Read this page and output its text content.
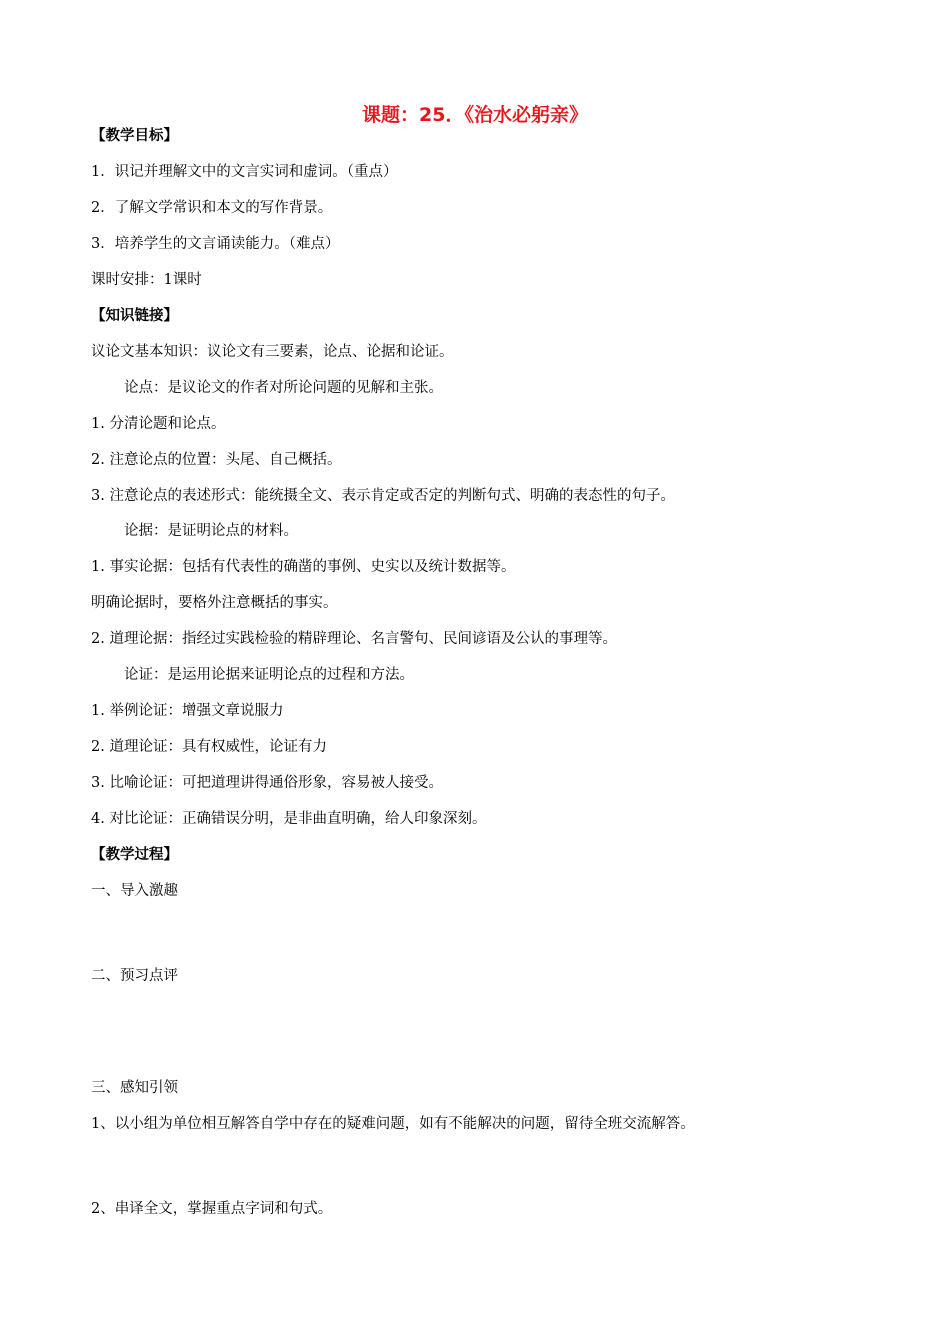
课题：25．《治水必躬亲》
【教学目标】
1．识记并理解文中的文言实词和虚词。（重点）
2．了解文学常识和本文的写作背景。
3．培养学生的文言诵读能力。（难点）
课时安排：1课时
【知识链接】
议论文基本知识：议论文有三要素，论点、论据和论证。
论点：是议论文的作者对所论问题的见解和主张。
1. 分清论题和论点。
2. 注意论点的位置：头尾、自己概括。
3. 注意论点的表述形式：能统摄全文、表示肯定或否定的判断句式、明确的表态性的句子。
论据：是证明论点的材料。
1. 事实论据：包括有代表性的确凿的事例、史实以及统计数据等。
明确论据时，要格外注意概括的事实。
2. 道理论据：指经过实践检验的精辟理论、名言警句、民间谚语及公认的事理等。
论证：是运用论据来证明论点的过程和方法。
1. 举例论证：增强文章说服力
2. 道理论证：具有权威性，论证有力
3. 比喻论证：可把道理讲得通俗形象，容易被人接受。
4. 对比论证：正确错误分明，是非曲直明确，给人印象深刻。
【教学过程】
一、导入激趣
二、预习点评
三、感知引领
1、以小组为单位相互解答自学中存在的疑难问题，如有不能解决的问题，留待全班交流解答。
2、串译全文，掌握重点字词和句式。
